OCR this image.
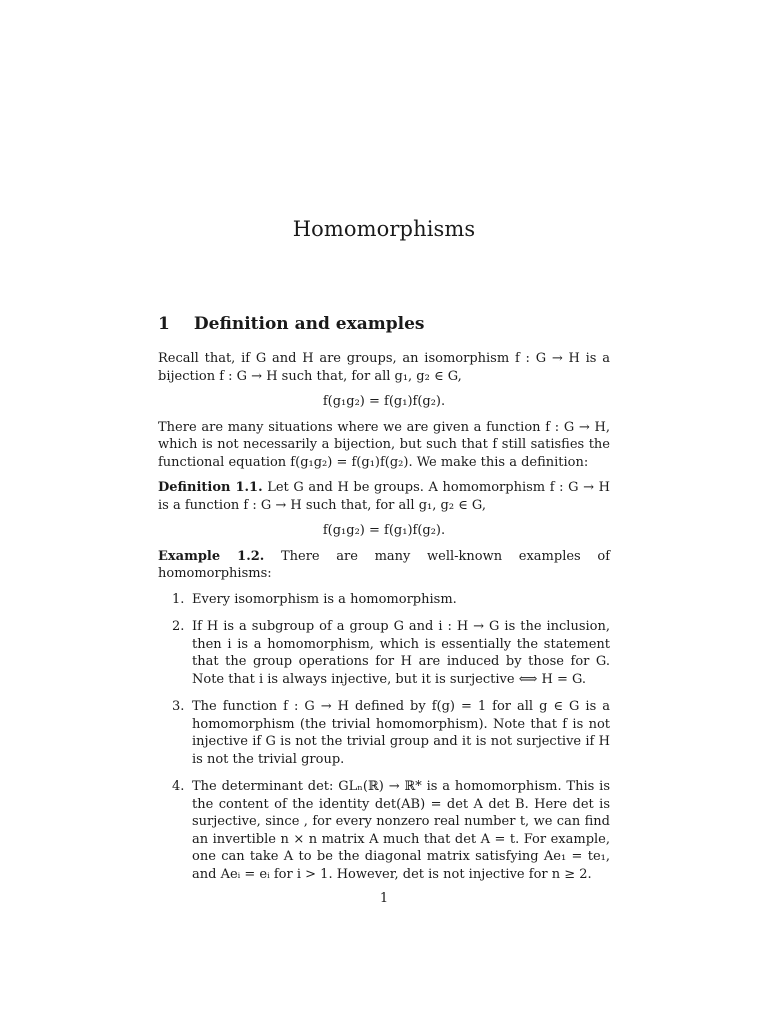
Homomorphisms
1 Definition and examples

Recall that, if G and H are groups, an isomorphism f : G → H is a bijection f : G → H such that, for all g₁, g₂ ∈ G,

f(g₁g₂) = f(g₁)f(g₂).

There are many situations where we are given a function f : G → H, which is not necessarily a bijection, but such that f still satisfies the functional equation f(g₁g₂) = f(g₁)f(g₂). We make this a definition:

Definition 1.1. Let G and H be groups. A homomorphism f : G → H is a function f : G → H such that, for all g₁, g₂ ∈ G,

f(g₁g₂) = f(g₁)f(g₂).

Example 1.2. There are many well-known examples of homomorphisms:

1. Every isomorphism is a homomorphism.
2. If H is a subgroup of a group G and i : H → G is the inclusion, then i is a homomorphism, which is essentially the statement that the group operations for H are induced by those for G. Note that i is always injective, but it is surjective ⟺ H = G.
3. The function f : G → H defined by f(g) = 1 for all g ∈ G is a homomorphism (the trivial homomorphism). Note that f is not injective if G is not the trivial group and it is not surjective if H is not the trivial group.
4. The determinant det: GLₙ(ℝ) → ℝ* is a homomorphism. This is the content of the identity det(AB) = det A det B. Here det is surjective, since , for every nonzero real number t, we can find an invertible n × n matrix A much that det A = t. For example, one can take A to be the diagonal matrix satisfying Ae₁ = te₁, and Aeᵢ = eᵢ for i > 1. However, det is not injective for n ≥ 2.
1
